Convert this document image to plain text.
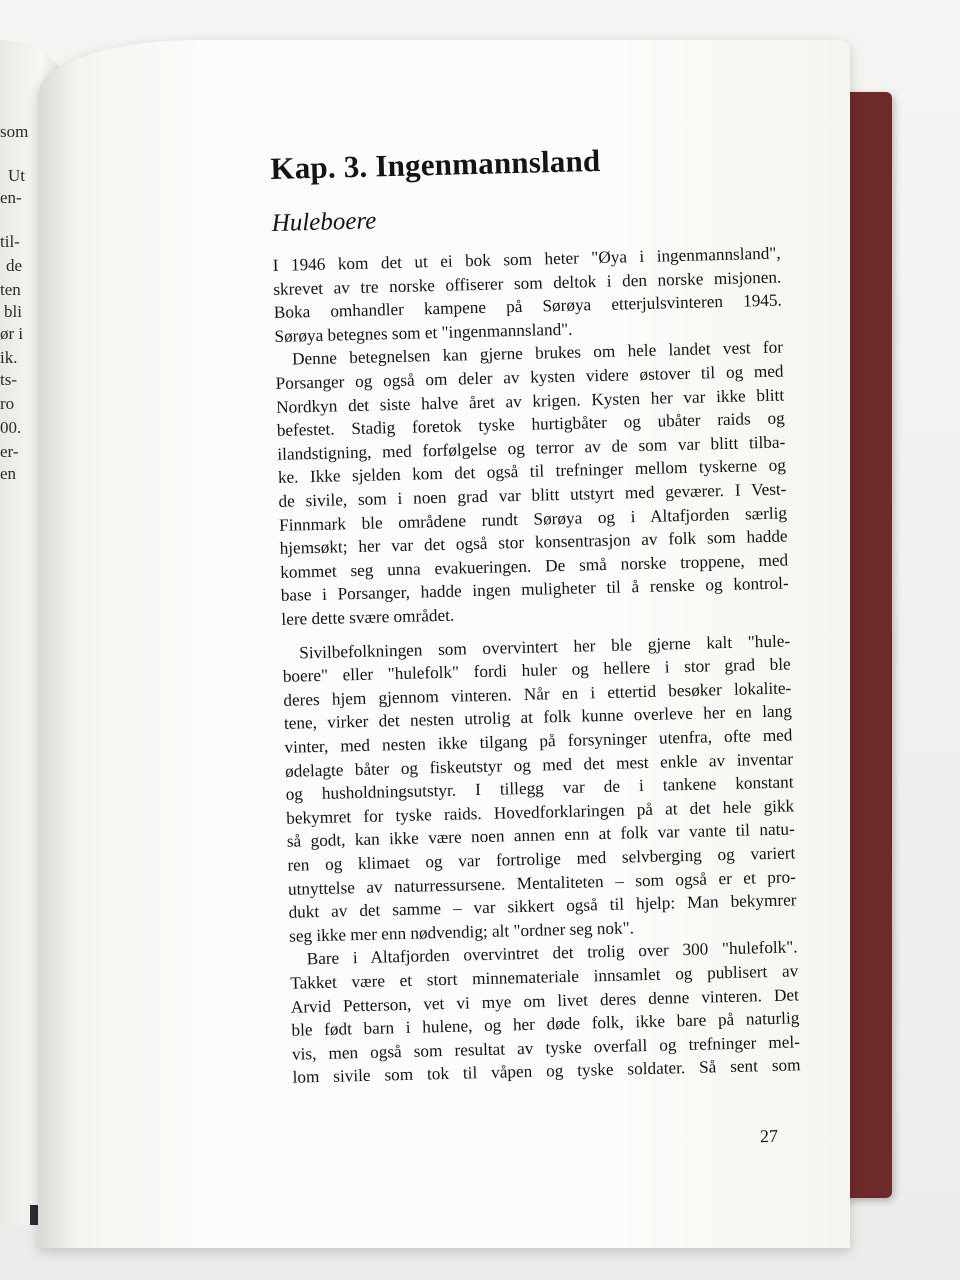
som
Ut
en-
til-
de
ten
bli
ør i
ik.
ts-
ro
00.
er-
en
Kap. 3. Ingenmannsland
Huleboere
I 1946 kom det ut ei bok som heter "Øya i ingenmannsland",
skrevet av tre norske offiserer som deltok i den norske misjonen.
Boka omhandler kampene på Sørøya etterjulsvinteren 1945.
Sørøya betegnes som et "ingenmannsland".
Denne betegnelsen kan gjerne brukes om hele landet vest for
Porsanger og også om deler av kysten videre østover til og med
Nordkyn det siste halve året av krigen. Kysten her var ikke blitt
befestet. Stadig foretok tyske hurtigbåter og ubåter raids og
ilandstigning, med forfølgelse og terror av de som var blitt tilba-
ke. Ikke sjelden kom det også til trefninger mellom tyskerne og
de sivile, som i noen grad var blitt utstyrt med geværer. I Vest-
Finnmark ble områdene rundt Sørøya og i Altafjorden særlig
hjemsøkt; her var det også stor konsentrasjon av folk som hadde
kommet seg unna evakueringen. De små norske troppene, med
base i Porsanger, hadde ingen muligheter til å renske og kontrol-
lere dette svære området.
Sivilbefolkningen som overvintert her ble gjerne kalt "hule-
boere" eller "hulefolk" fordi huler og hellere i stor grad ble
deres hjem gjennom vinteren. Når en i ettertid besøker lokalite-
tene, virker det nesten utrolig at folk kunne overleve her en lang
vinter, med nesten ikke tilgang på forsyninger utenfra, ofte med
ødelagte båter og fiskeutstyr og med det mest enkle av inventar
og husholdningsutstyr. I tillegg var de i tankene konstant
bekymret for tyske raids. Hovedforklaringen på at det hele gikk
så godt, kan ikke være noen annen enn at folk var vante til natu-
ren og klimaet og var fortrolige med selvberging og variert
utnyttelse av naturressursene. Mentaliteten – som også er et pro-
dukt av det samme – var sikkert også til hjelp: Man bekymrer
seg ikke mer enn nødvendig; alt "ordner seg nok".
Bare i Altafjorden overvintret det trolig over 300 "hulefolk".
Takket være et stort minnemateriale innsamlet og publisert av
Arvid Petterson, vet vi mye om livet deres denne vinteren. Det
ble født barn i hulene, og her døde folk, ikke bare på naturlig
vis, men også som resultat av tyske overfall og trefninger mel-
lom sivile som tok til våpen og tyske soldater. Så sent som
27
